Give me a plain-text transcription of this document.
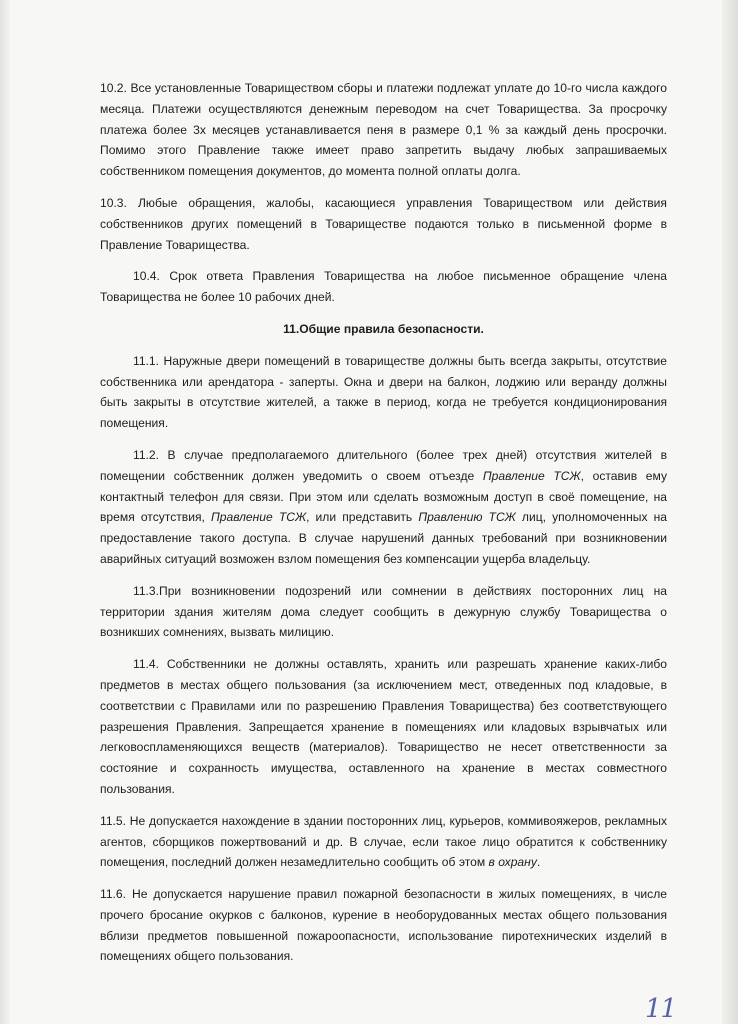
10.2. Все установленные Товариществом сборы и платежи подлежат уплате до 10-го числа каждого месяца. Платежи осуществляются денежным переводом на счет Товарищества. За просрочку платежа более 3х месяцев устанавливается пеня в размере 0,1 % за каждый день просрочки. Помимо этого Правление также имеет право запретить выдачу любых запрашиваемых собственником помещения документов, до момента полной оплаты долга.

10.3. Любые обращения, жалобы, касающиеся управления Товариществом или действия собственников других помещений в Товариществе подаются только в письменной форме в Правление Товарищества.

10.4. Срок ответа Правления Товарищества на любое письменное обращение члена Товарищества не более 10 рабочих дней.

11.Общие правила безопасности.

11.1. Наружные двери помещений в товариществе должны быть всегда закрыты, отсутствие собственника или арендатора - заперты. Окна и двери на балкон, лоджию или веранду должны быть закрыты в отсутствие жителей, а также в период, когда не требуется кондиционирования помещения.

11.2. В случае предполагаемого длительного (более трех дней) отсутствия жителей в помещении собственник должен уведомить о своем отъезде Правление ТСЖ, оставив ему контактный телефон для связи. При этом или сделать возможным доступ в своё помещение, на время отсутствия, Правление ТСЖ, или представить Правлению ТСЖ лиц, уполномоченных на предоставление такого доступа. В случае нарушений данных требований при возникновении аварийных ситуаций возможен взлом помещения без компенсации ущерба владельцу.

11.3.При возникновении подозрений или сомнении в действиях посторонних лиц на территории здания жителям дома следует сообщить в дежурную службу Товарищества о возникших сомнениях, вызвать милицию.

11.4. Собственники не должны оставлять, хранить или разрешать хранение каких-либо предметов в местах общего пользования (за исключением мест, отведенных под кладовые, в соответствии с Правилами или по разрешению Правления Товарищества) без соответствующего разрешения Правления. Запрещается хранение в помещениях или кладовых взрывчатых или легковоспламеняющихся веществ (материалов). Товарищество не несет ответственности за состояние и сохранность имущества, оставленного на хранение в местах совместного пользования.

11.5. Не допускается нахождение в здании посторонних лиц, курьеров, коммивояжеров, рекламных агентов, сборщиков пожертвований и др. В случае, если такое лицо обратится к собственнику помещения, последний должен незамедлительно сообщить об этом в охрану.

11.6. Не допускается нарушение правил пожарной безопасности в жилых помещениях, в числе прочего бросание окурков с балконов, курение в необорудованных местах общего пользования вблизи предметов повышенной пожароопасности, использование пиротехнических изделий в помещениях общего пользования.

11
